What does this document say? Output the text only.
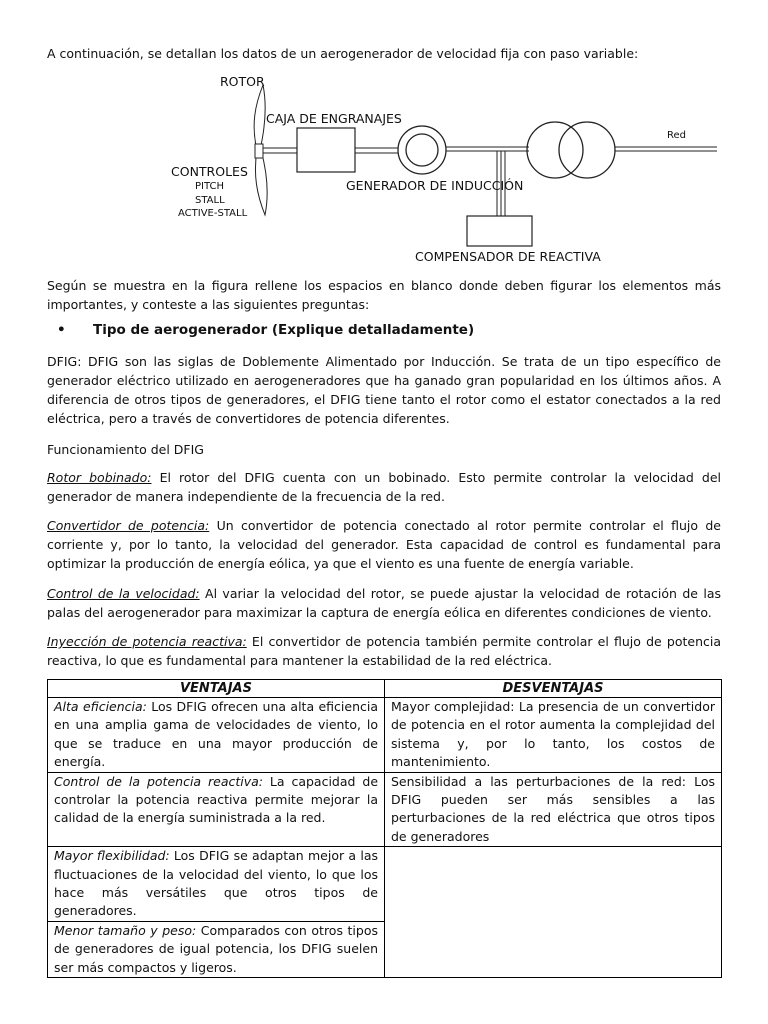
A continuación, se detallan los datos de un aerogenerador de velocidad fija con paso variable:

ROTOR
CAJA DE ENGRANAJES
CONTROLES
PITCH
STALL
ACTIVE-STALL
GENERADOR DE INDUCCIÓN
COMPENSADOR DE REACTIVA
Red

Según se muestra en la figura rellene los espacios en blanco donde deben figurar los elementos más importantes, y conteste a las siguientes preguntas:

• Tipo de aerogenerador (Explique detalladamente)

DFIG: DFIG son las siglas de Doblemente Alimentado por Inducción. Se trata de un tipo específico de generador eléctrico utilizado en aerogeneradores que ha ganado gran popularidad en los últimos años. A diferencia de otros tipos de generadores, el DFIG tiene tanto el rotor como el estator conectados a la red eléctrica, pero a través de convertidores de potencia diferentes.

Funcionamiento del DFIG

Rotor bobinado: El rotor del DFIG cuenta con un bobinado. Esto permite controlar la velocidad del generador de manera independiente de la frecuencia de la red.

Convertidor de potencia: Un convertidor de potencia conectado al rotor permite controlar el flujo de corriente y, por lo tanto, la velocidad del generador. Esta capacidad de control es fundamental para optimizar la producción de energía eólica, ya que el viento es una fuente de energía variable.

Control de la velocidad: Al variar la velocidad del rotor, se puede ajustar la velocidad de rotación de las palas del aerogenerador para maximizar la captura de energía eólica en diferentes condiciones de viento.

Inyección de potencia reactiva: El convertidor de potencia también permite controlar el flujo de potencia reactiva, lo que es fundamental para mantener la estabilidad de la red eléctrica.

VENTAJAS	DESVENTAJAS
Alta eficiencia: Los DFIG ofrecen una alta eficiencia en una amplia gama de velocidades de viento, lo que se traduce en una mayor producción de energía.	Mayor complejidad: La presencia de un convertidor de potencia en el rotor aumenta la complejidad del sistema y, por lo tanto, los costos de mantenimiento.
Control de la potencia reactiva: La capacidad de controlar la potencia reactiva permite mejorar la calidad de la energía suministrada a la red.	Sensibilidad a las perturbaciones de la red: Los DFIG pueden ser más sensibles a las perturbaciones de la red eléctrica que otros tipos de generadores
Mayor flexibilidad: Los DFIG se adaptan mejor a las fluctuaciones de la velocidad del viento, lo que los hace más versátiles que otros tipos de generadores.	
Menor tamaño y peso: Comparados con otros tipos de generadores de igual potencia, los DFIG suelen ser más compactos y ligeros.	
